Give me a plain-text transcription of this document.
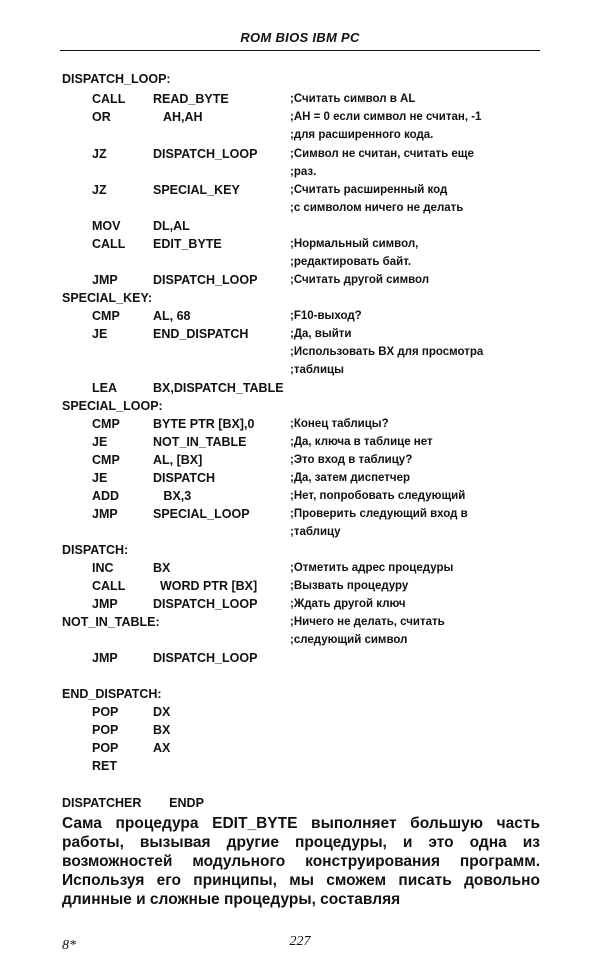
ROM BIOS IBM PC
DISPATCH_LOOP:
CALL READ_BYTE	;Считать символ в AL
OR	AH,AH	;AH = 0 если символ не считан, -1
;для расширенного кода.
JZ	DISPATCH_LOOP	;Символ не считан, считать еще
;раз.
JZ	SPECIAL_KEY	;Считать расширенный код
;с символом ничего не делать
MOV	DL,AL
CALL EDIT_BYTE	;Нормальный символ,
;редактировать байт.
JMP	DISPATCH_LOOP	;Считать другой символ
SPECIAL_KEY:
CMP	AL, 68	;F10-выход?
JE	END_DISPATCH	;Да, выйти
;Использовать BX для просмотра
;таблицы
LEA	BX,DISPATCH_TABLE
SPECIAL_LOOP:
CMP	BYTE PTR [BX],0	;Конец таблицы?
JE	NOT_IN_TABLE	;Да, ключа в таблице нет
CMP	AL, [BX]	;Это вход в таблицу?
JE	DISPATCH	;Да, затем диспетчер
ADD	BX,3	;Нет, попробовать следующий
JMP	SPECIAL_LOOP	;Проверить следующий вход в
;таблицу
DISPATCH:
INC	BX	;Отметить адрес процедуры
CALL WORD PTR [BX]	;Вызвать процедуру
JMP	DISPATCH_LOOP	;Ждать другой ключ
NOT_IN_TABLE:	;Ничего не делать, считать
;следующий символ
JMP	DISPATCH_LOOP
END_DISPATCH:
POP	DX
POP	BX
POP	AX
RET
DISPATCHER        ENDP

Сама процедура EDIT_BYTE выполняет большую часть работы, вызывая другие процедуры, и это одна из возможностей модульного конструирования программ. Используя его принципы, мы сможем писать довольно длинные и сложные процедуры, составляя

8*	227
